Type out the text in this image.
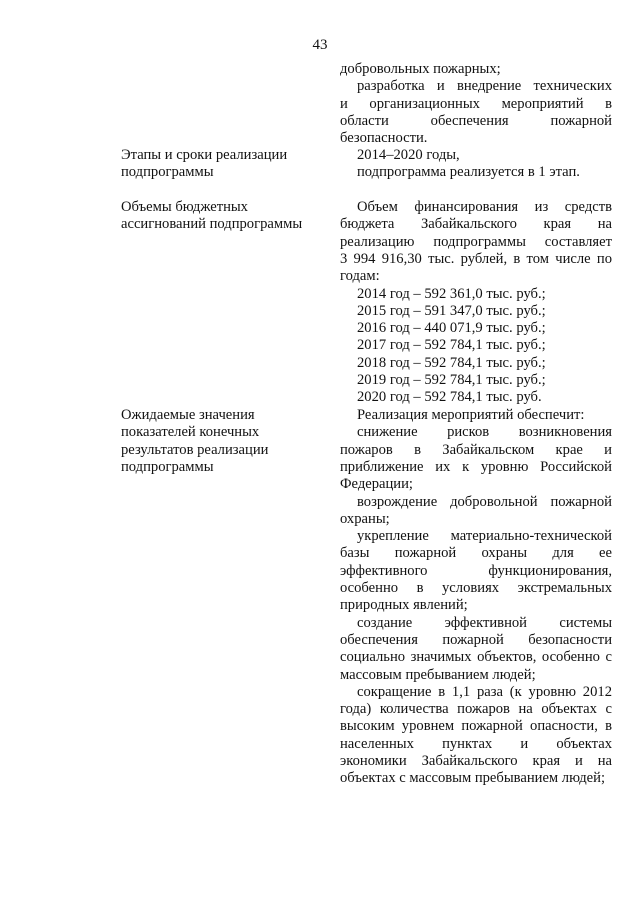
43
добровольных пожарных;
разработка и внедрение технических
и организационных мероприятий в
области обеспечения пожарной
безопасности.
Этапы и сроки реализации
подпрограммы
2014–2020 годы,
подпрограмма реализуется в 1 этап.
Объемы бюджетных
ассигнований подпрограммы
Объем финансирования из средств
бюджета Забайкальского края на
реализацию подпрограммы составляет
3 994 916,30 тыс. рублей, в том числе по
годам:
2014 год – 592 361,0 тыс. руб.;
2015 год – 591 347,0 тыс. руб.;
2016 год – 440 071,9 тыс. руб.;
2017 год – 592 784,1 тыс. руб.;
2018 год – 592 784,1 тыс. руб.;
2019 год – 592 784,1 тыс. руб.;
2020 год – 592 784,1 тыс. руб.
Ожидаемые значения
показателей конечных
результатов реализации
подпрограммы
Реализация мероприятий обеспечит:
снижение рисков возникновения
пожаров в Забайкальском крае и
приближение их к уровню Российской
Федерации;
возрождение добровольной пожарной
охраны;
укрепление материально-технической
базы пожарной охраны для ее
эффективного функционирования,
особенно в условиях экстремальных
природных явлений;
создание эффективной системы
обеспечения пожарной безопасности
социально значимых объектов, особенно с
массовым пребыванием людей;
сокращение в 1,1 раза (к уровню 2012
года) количества пожаров на объектах с
высоким уровнем пожарной опасности, в
населенных пунктах и объектах
экономики Забайкальского края и на
объектах с массовым пребыванием людей;
